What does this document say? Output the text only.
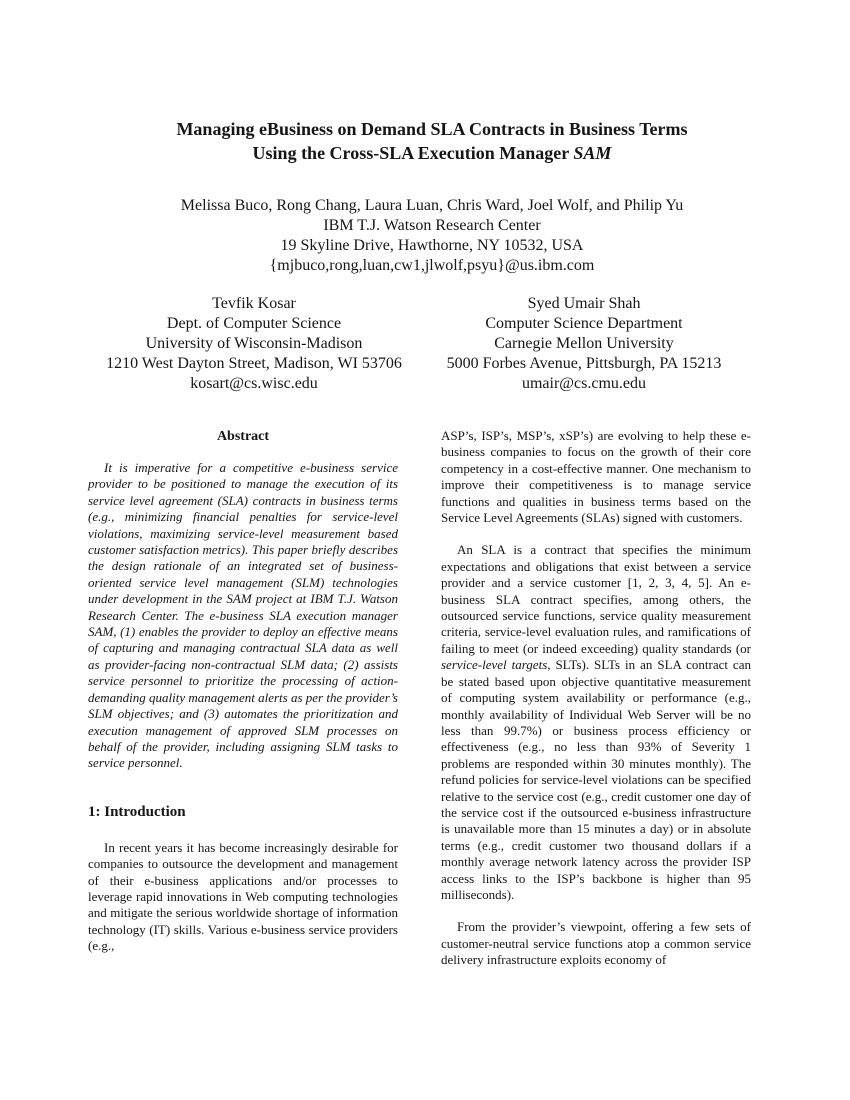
Managing eBusiness on Demand SLA Contracts in Business Terms
Using the Cross-SLA Execution Manager SAM
Melissa Buco, Rong Chang, Laura Luan, Chris Ward, Joel Wolf, and Philip Yu
IBM T.J. Watson Research Center
19 Skyline Drive, Hawthorne, NY 10532, USA
{mjbuco,rong,luan,cw1,jlwolf,psyu}@us.ibm.com
Tevfik Kosar
Dept. of Computer Science
University of Wisconsin-Madison
1210 West Dayton Street, Madison, WI 53706
kosart@cs.wisc.edu
Syed Umair Shah
Computer Science Department
Carnegie Mellon University
5000 Forbes Avenue, Pittsburgh, PA 15213
umair@cs.cmu.edu
Abstract

It is imperative for a competitive e-business service provider to be positioned to manage the execution of its service level agreement (SLA) contracts in business terms (e.g., minimizing financial penalties for service-level violations, maximizing service-level measurement based customer satisfaction metrics). This paper briefly describes the design rationale of an integrated set of business-oriented service level management (SLM) technologies under development in the SAM project at IBM T.J. Watson Research Center. The e-business SLA execution manager SAM, (1) enables the provider to deploy an effective means of capturing and managing contractual SLA data as well as provider-facing non-contractual SLM data; (2) assists service personnel to prioritize the processing of action-demanding quality management alerts as per the provider’s SLM objectives; and (3) automates the prioritization and execution management of approved SLM processes on behalf of the provider, including assigning SLM tasks to service personnel.

1: Introduction

In recent years it has become increasingly desirable for companies to outsource the development and management of their e-business applications and/or processes to leverage rapid innovations in Web computing technologies and mitigate the serious worldwide shortage of information technology (IT) skills. Various e-business service providers (e.g.,

ASP’s, ISP’s, MSP’s, xSP’s) are evolving to help these e-business companies to focus on the growth of their core competency in a cost-effective manner. One mechanism to improve their competitiveness is to manage service functions and qualities in business terms based on the Service Level Agreements (SLAs) signed with customers.

An SLA is a contract that specifies the minimum expectations and obligations that exist between a service provider and a service customer [1, 2, 3, 4, 5]. An e-business SLA contract specifies, among others, the outsourced service functions, service quality measurement criteria, service-level evaluation rules, and ramifications of failing to meet (or indeed exceeding) quality standards (or service-level targets, SLTs). SLTs in an SLA contract can be stated based upon objective quantitative measurement of computing system availability or performance (e.g., monthly availability of Individual Web Server will be no less than 99.7%) or business process efficiency or effectiveness (e.g., no less than 93% of Severity 1 problems are responded within 30 minutes monthly). The refund policies for service-level violations can be specified relative to the service cost (e.g., credit customer one day of the service cost if the outsourced e-business infrastructure is unavailable more than 15 minutes a day) or in absolute terms (e.g., credit customer two thousand dollars if a monthly average network latency across the provider ISP access links to the ISP’s backbone is higher than 95 milliseconds).

From the provider’s viewpoint, offering a few sets of customer-neutral service functions atop a common service delivery infrastructure exploits economy of
